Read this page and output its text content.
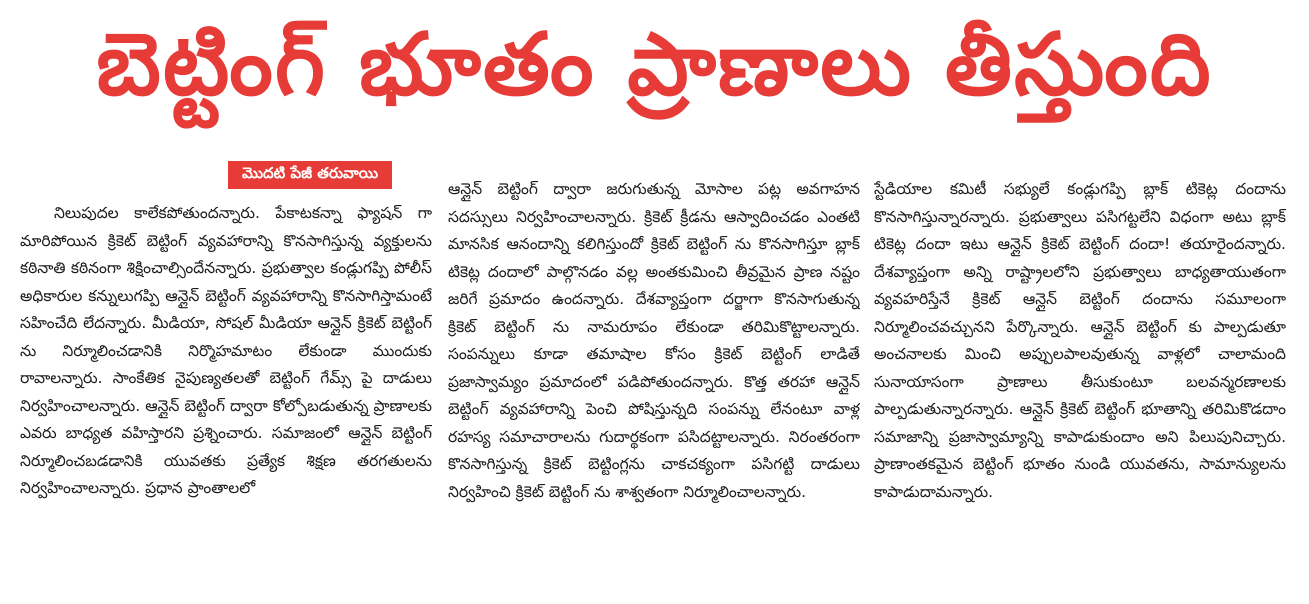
బెట్టింగ్ భూతం ప్రాణాలు తీస్తుంది
మొదటి పేజీ తరువాయి

నిలుపుదల కాలేకపోతుందన్నారు. పేకాటకన్నా ఫ్యాషన్ గా మారిపోయిన క్రికెట్ బెట్టింగ్ వ్యవహారాన్ని కొనసాగిస్తున్న వ్యక్తులను కఠినాతి కఠినంగా శిక్షించాల్సిందేనన్నారు. ప్రభుత్వాల కండ్లుగప్పి పోలీస్ అధికారుల కన్నులుగప్పి ఆన్లైన్ బెట్టింగ్ వ్యవహారాన్ని కొనసాగిస్తామంటే సహించేది లేదన్నారు. మీడియా, సోషల్ మీడియా ఆన్లైన్ క్రికెట్ బెట్టింగ్ ను నిర్మూలించడానికి నిర్మొహమాటం లేకుండా ముందుకు రావాలన్నారు. సాంకేతిక నైపుణ్యతలతో బెట్టింగ్ గేమ్స్ పై దాడులు నిర్వహించాలన్నారు. ఆన్లైన్ బెట్టింగ్ ద్వారా కోల్పోబడుతున్న ప్రాణాలకు ఎవరు బాధ్యత వహిస్తారని ప్రశ్నించారు. సమాజంలో ఆన్లైన్ బెట్టింగ్ నిర్మూలించబడడానికి యువతకు ప్రత్యేక శిక్షణ తరగతులను నిర్వహించాలన్నారు. ప్రధాన ప్రాంతాలలో

ఆన్లైన్ బెట్టింగ్ ద్వారా జరుగుతున్న మోసాల పట్ల అవగాహన సదస్సులు నిర్వహించాలన్నారు. క్రికెట్ క్రీడను ఆస్వాదించడం ఎంతటి మానసిక ఆనందాన్ని కలిగిస్తుందో క్రికెట్ బెట్టింగ్ ను కొనసాగిస్తూ బ్లాక్ టికెట్ల దందాలో పాల్గొనడం వల్ల అంతకుమించి తీవ్రమైన ప్రాణ నష్టం జరిగే ప్రమాదం ఉందన్నారు. దేశవ్యాప్తంగా దర్జాగా కొనసాగుతున్న క్రికెట్ బెట్టింగ్ ను నామరూపం లేకుండా తరిమికొట్టాలన్నారు. సంపన్నులు కూడా తమాషాల కోసం క్రికెట్ బెట్టింగ్ లాడితే ప్రజాస్వామ్యం ప్రమాదంలో పడిపోతుందన్నారు. కొత్త తరహా ఆన్లైన్ బెట్టింగ్ వ్యవహారాన్ని పెంచి పోషిస్తున్నది సంపన్ను లేనంటూ వాళ్ల రహస్య సమాచారాలను గుదార్థకంగా పసిదట్టాలన్నారు. నిరంతరంగా కొనసాగిస్తున్న క్రికెట్ బెట్టింగ్లను చాకచక్యంగా పసిగట్టి దాడులు నిర్వహించి క్రికెట్ బెట్టింగ్ ను శాశ్వతంగా నిర్మూలించాలన్నారు.

స్టేడియాల కమిటీ సభ్యులే కండ్లుగప్పి బ్లాక్ టికెట్ల దందాను కొనసాగిస్తున్నారన్నారు. ప్రభుత్వాలు పసిగట్టలేని విధంగా అటు బ్లాక్ టికెట్ల దందా ఇటు ఆన్లైన్ క్రికెట్ బెట్టింగ్ దందా! తయారైందన్నారు. దేశవ్యాప్తంగా అన్ని రాష్ట్రాలలోని ప్రభుత్వాలు బాధ్యతాయుతంగా వ్యవహరిస్తేనే క్రికెట్ ఆన్లైన్ బెట్టింగ్ దందాను సమూలంగా నిర్మూలించవచ్చునని పేర్కొన్నారు. ఆన్లైన్ బెట్టింగ్ కు పాల్పడుతూ అంచనాలకు మించి అప్పులపాలవుతున్న వాళ్లలో చాలామంది సునాయాసంగా ప్రాణాలు తీసుకుంటూ బలవన్మరణాలకు పాల్పడుతున్నారన్నారు. ఆన్లైన్ క్రికెట్ బెట్టింగ్ భూతాన్ని తరిమికొడదాం సమాజాన్ని ప్రజాస్వామ్యాన్ని కాపాడుకుందాం అని పిలుపునిచ్చారు. ప్రాణాంతకమైన బెట్టింగ్ భూతం నుండి యువతను, సామాన్యులను కాపాడుదామన్నారు.
